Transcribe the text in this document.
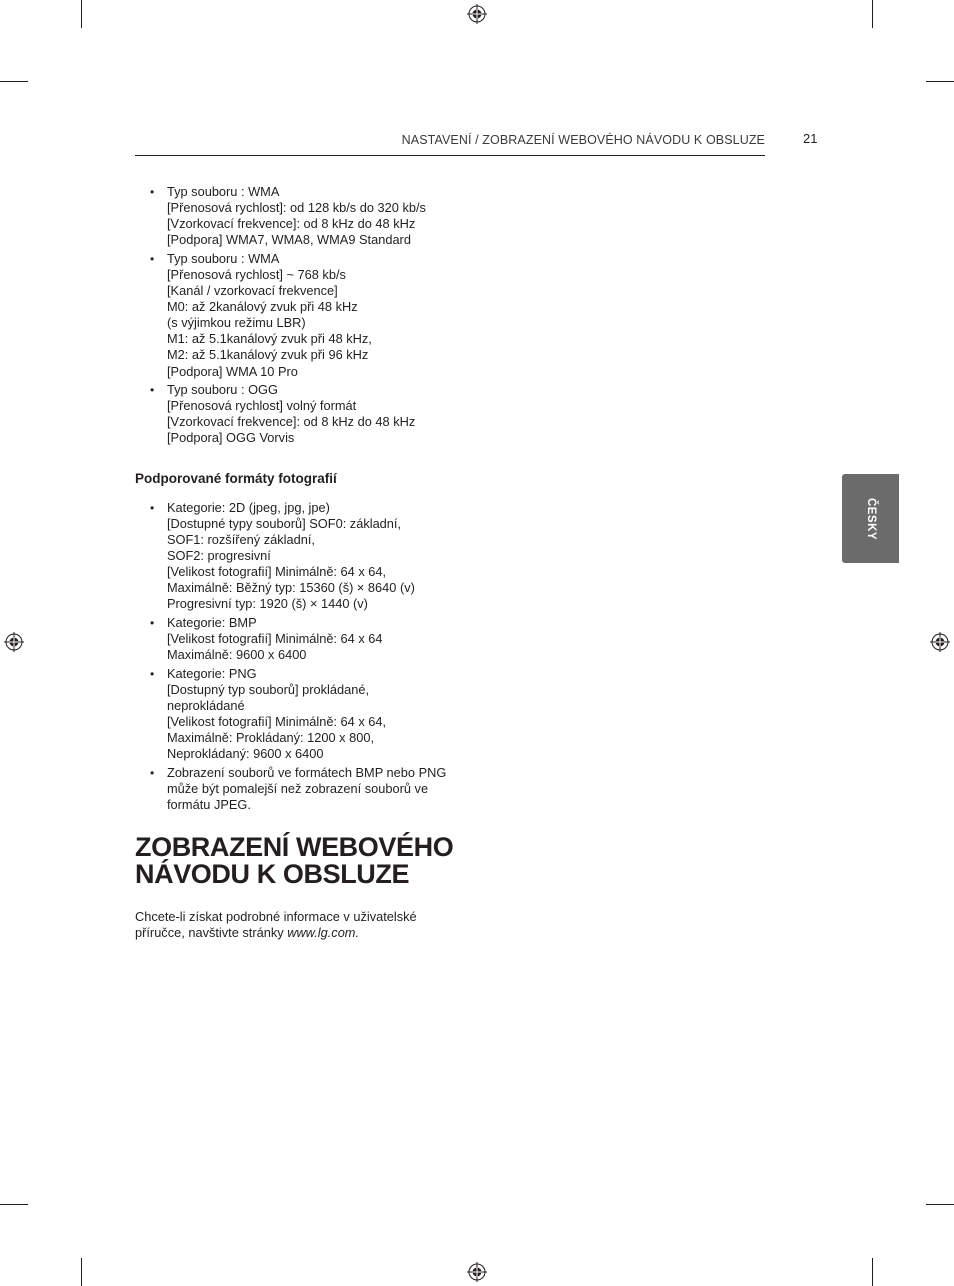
NASTAVENÍ / ZOBRAZENÍ WEBOVÉHO NÁVODU K OBSLUZE	21
ČESKY
• Typ souboru : WMA
[Přenosová rychlost]: od 128 kb/s do 320 kb/s
[Vzorkovací frekvence]: od 8 kHz do 48 kHz
[Podpora] WMA7, WMA8, WMA9 Standard
• Typ souboru : WMA
[Přenosová rychlost] ~ 768 kb/s
[Kanál / vzorkovací frekvence]
M0: až 2kanálový zvuk při 48 kHz
(s výjimkou režimu LBR)
M1: až 5.1kanálový zvuk při 48 kHz,
M2: až 5.1kanálový zvuk při 96 kHz
[Podpora] WMA 10 Pro
• Typ souboru : OGG
[Přenosová rychlost] volný formát
[Vzorkovací frekvence]: od 8 kHz do 48 kHz
[Podpora] OGG Vorvis
Podporované formáty fotografií
• Kategorie: 2D (jpeg, jpg, jpe)
[Dostupné typy souborů] SOF0: základní,
SOF1: rozšířený základní,
SOF2: progresivní
[Velikost fotografií] Minimálně: 64 x 64,
Maximálně: Běžný typ: 15360 (š) × 8640 (v)
Progresivní typ: 1920 (š) × 1440 (v)
• Kategorie: BMP
[Velikost fotografií] Minimálně: 64 x 64
Maximálně: 9600 x 6400
• Kategorie: PNG
[Dostupný typ souborů] prokládané,
neprokládané
[Velikost fotografií] Minimálně: 64 x 64,
Maximálně: Prokládaný: 1200 x 800,
Neprokládaný: 9600 x 6400
• Zobrazení souborů ve formátech BMP nebo PNG
může být pomalejší než zobrazení souborů ve
formátu JPEG.
ZOBRAZENÍ WEBOVÉHO
NÁVODU K OBSLUZE
Chcete-li získat podrobné informace v uživatelské
příručce, navštivte stránky www.lg.com.
